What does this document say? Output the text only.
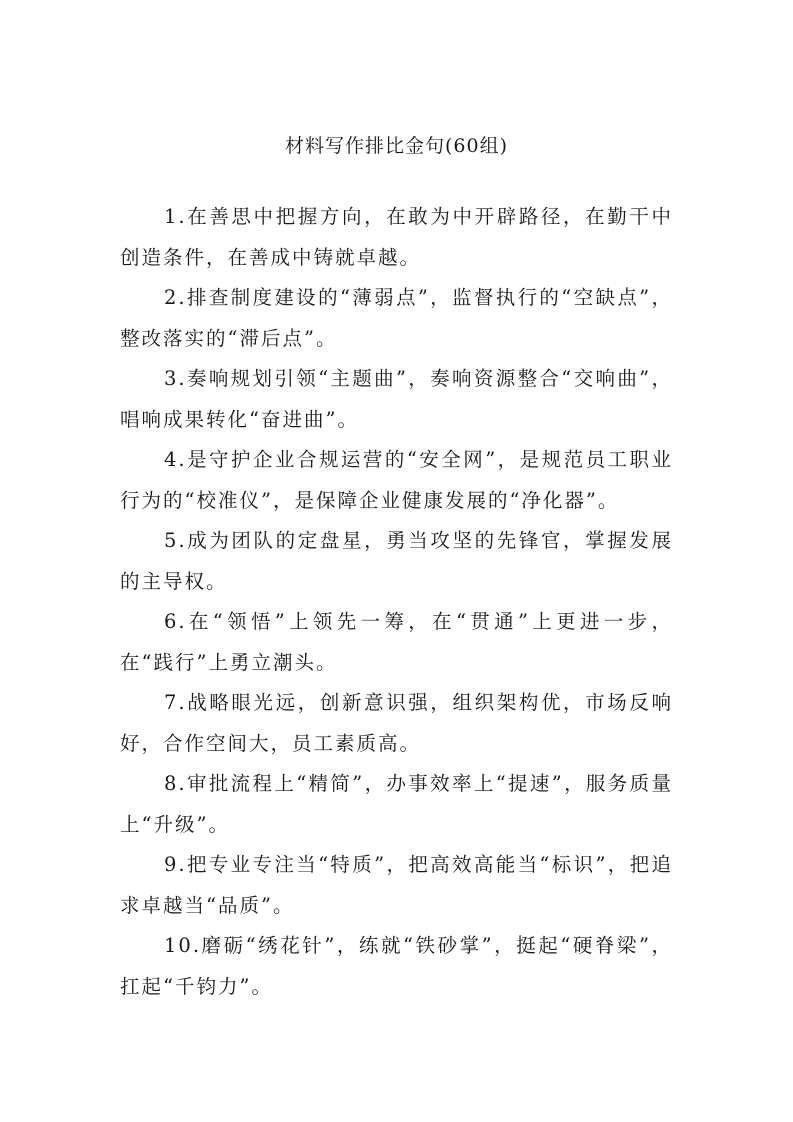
材料写作排比金句(60组)

1.在善思中把握方向，在敢为中开辟路径，在勤干中创造条件，在善成中铸就卓越。

2.排查制度建设的“薄弱点”，监督执行的“空缺点”，整改落实的“滞后点”。

3.奏响规划引领“主题曲”，奏响资源整合“交响曲”，唱响成果转化“奋进曲”。

4.是守护企业合规运营的“安全网”，是规范员工职业行为的“校准仪”，是保障企业健康发展的“净化器”。

5.成为团队的定盘星，勇当攻坚的先锋官，掌握发展的主导权。

6.在“领悟”上领先一筹，在“贯通”上更进一步，在“践行”上勇立潮头。

7.战略眼光远，创新意识强，组织架构优，市场反响好，合作空间大，员工素质高。

8.审批流程上“精简”，办事效率上“提速”，服务质量上“升级”。

9.把专业专注当“特质”，把高效高能当“标识”，把追求卓越当“品质”。

10.磨砺“绣花针”，练就“铁砂掌”，挺起“硬脊梁”，扛起“千钧力”。
